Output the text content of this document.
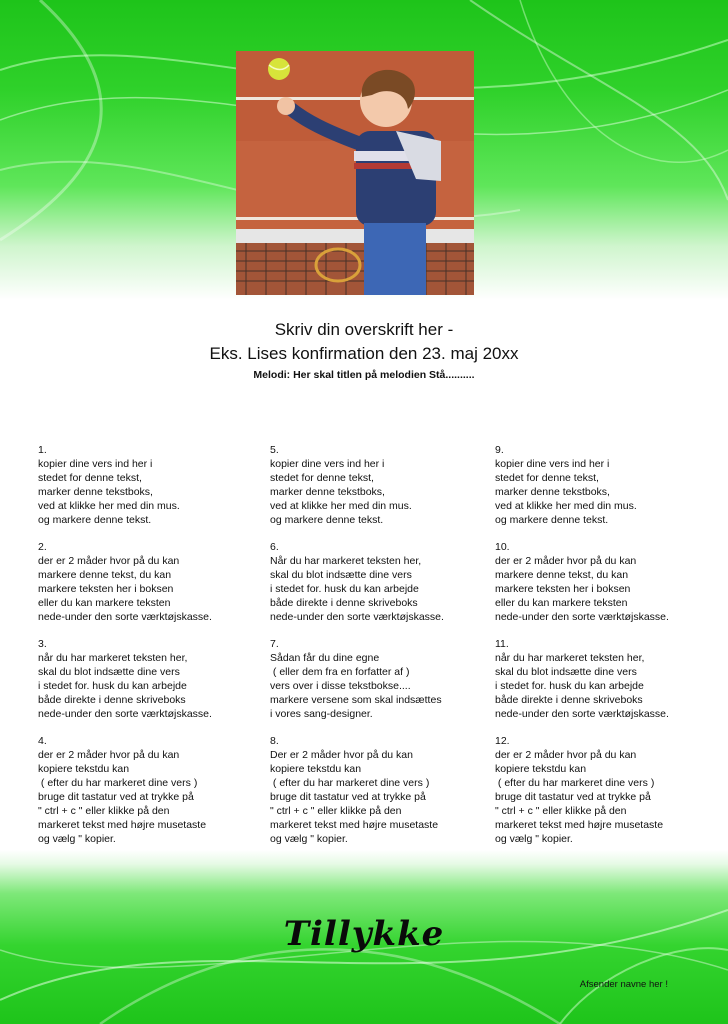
Skriv din overskrift her -
Eks. Lises konfirmation den 23. maj 20xx
Melodi: Her skal titlen på melodien Stå..........
1.
kopier dine vers ind her i
stedet for denne tekst,
marker denne tekstboks,
ved at klikke her med din mus.
og markere denne tekst.
2.
der er 2 måder hvor på du kan
markere denne tekst, du kan
markere teksten her i boksen
eller du kan markere teksten
nede-under den sorte værktøjskasse.
3.
når du har markeret teksten her,
skal du blot indsætte dine vers
i stedet for. husk du kan arbejde
både direkte i denne skriveboks
nede-under den sorte værktøjskasse.
4.
der er 2 måder hvor på du kan
kopiere tekstdu kan
( efter du har markeret dine vers )
bruge dit tastatur ved at trykke på
" ctrl + c " eller klikke på den
markeret tekst med højre musetaste
og vælg " kopier.
5.
kopier dine vers ind her i
stedet for denne tekst,
marker denne tekstboks,
ved at klikke her med din mus.
og markere denne tekst.
6.
Når du har markeret teksten her,
skal du blot indsætte dine vers
i stedet for. husk du kan arbejde
både direkte i denne skriveboks
nede-under den sorte værktøjskasse.
7.
Sådan får du dine egne
( eller dem fra en forfatter af )
vers over i disse tekstbokse....
markere versene som skal indsættes
i vores sang-designer.
8.
Der er 2 måder hvor på du kan
kopiere tekstdu kan
( efter du har markeret dine vers )
bruge dit tastatur ved at trykke på
" ctrl + c " eller klikke på den
markeret tekst med højre musetaste
og vælg " kopier.
9.
kopier dine vers ind her i
stedet for denne tekst,
marker denne tekstboks,
ved at klikke her med din mus.
og markere denne tekst.
10.
der er 2 måder hvor på du kan
markere denne tekst, du kan
markere teksten her i boksen
eller du kan markere teksten
nede-under den sorte værktøjskasse.
11.
når du har markeret teksten her,
skal du blot indsætte dine vers
i stedet for. husk du kan arbejde
både direkte i denne skriveboks
nede-under den sorte værktøjskasse.
12.
der er 2 måder hvor på du kan
kopiere tekstdu kan
( efter du har markeret dine vers )
bruge dit tastatur ved at trykke på
" ctrl + c " eller klikke på den
markeret tekst med højre musetaste
og vælg " kopier.
Tillykke
Afsender navne her !
